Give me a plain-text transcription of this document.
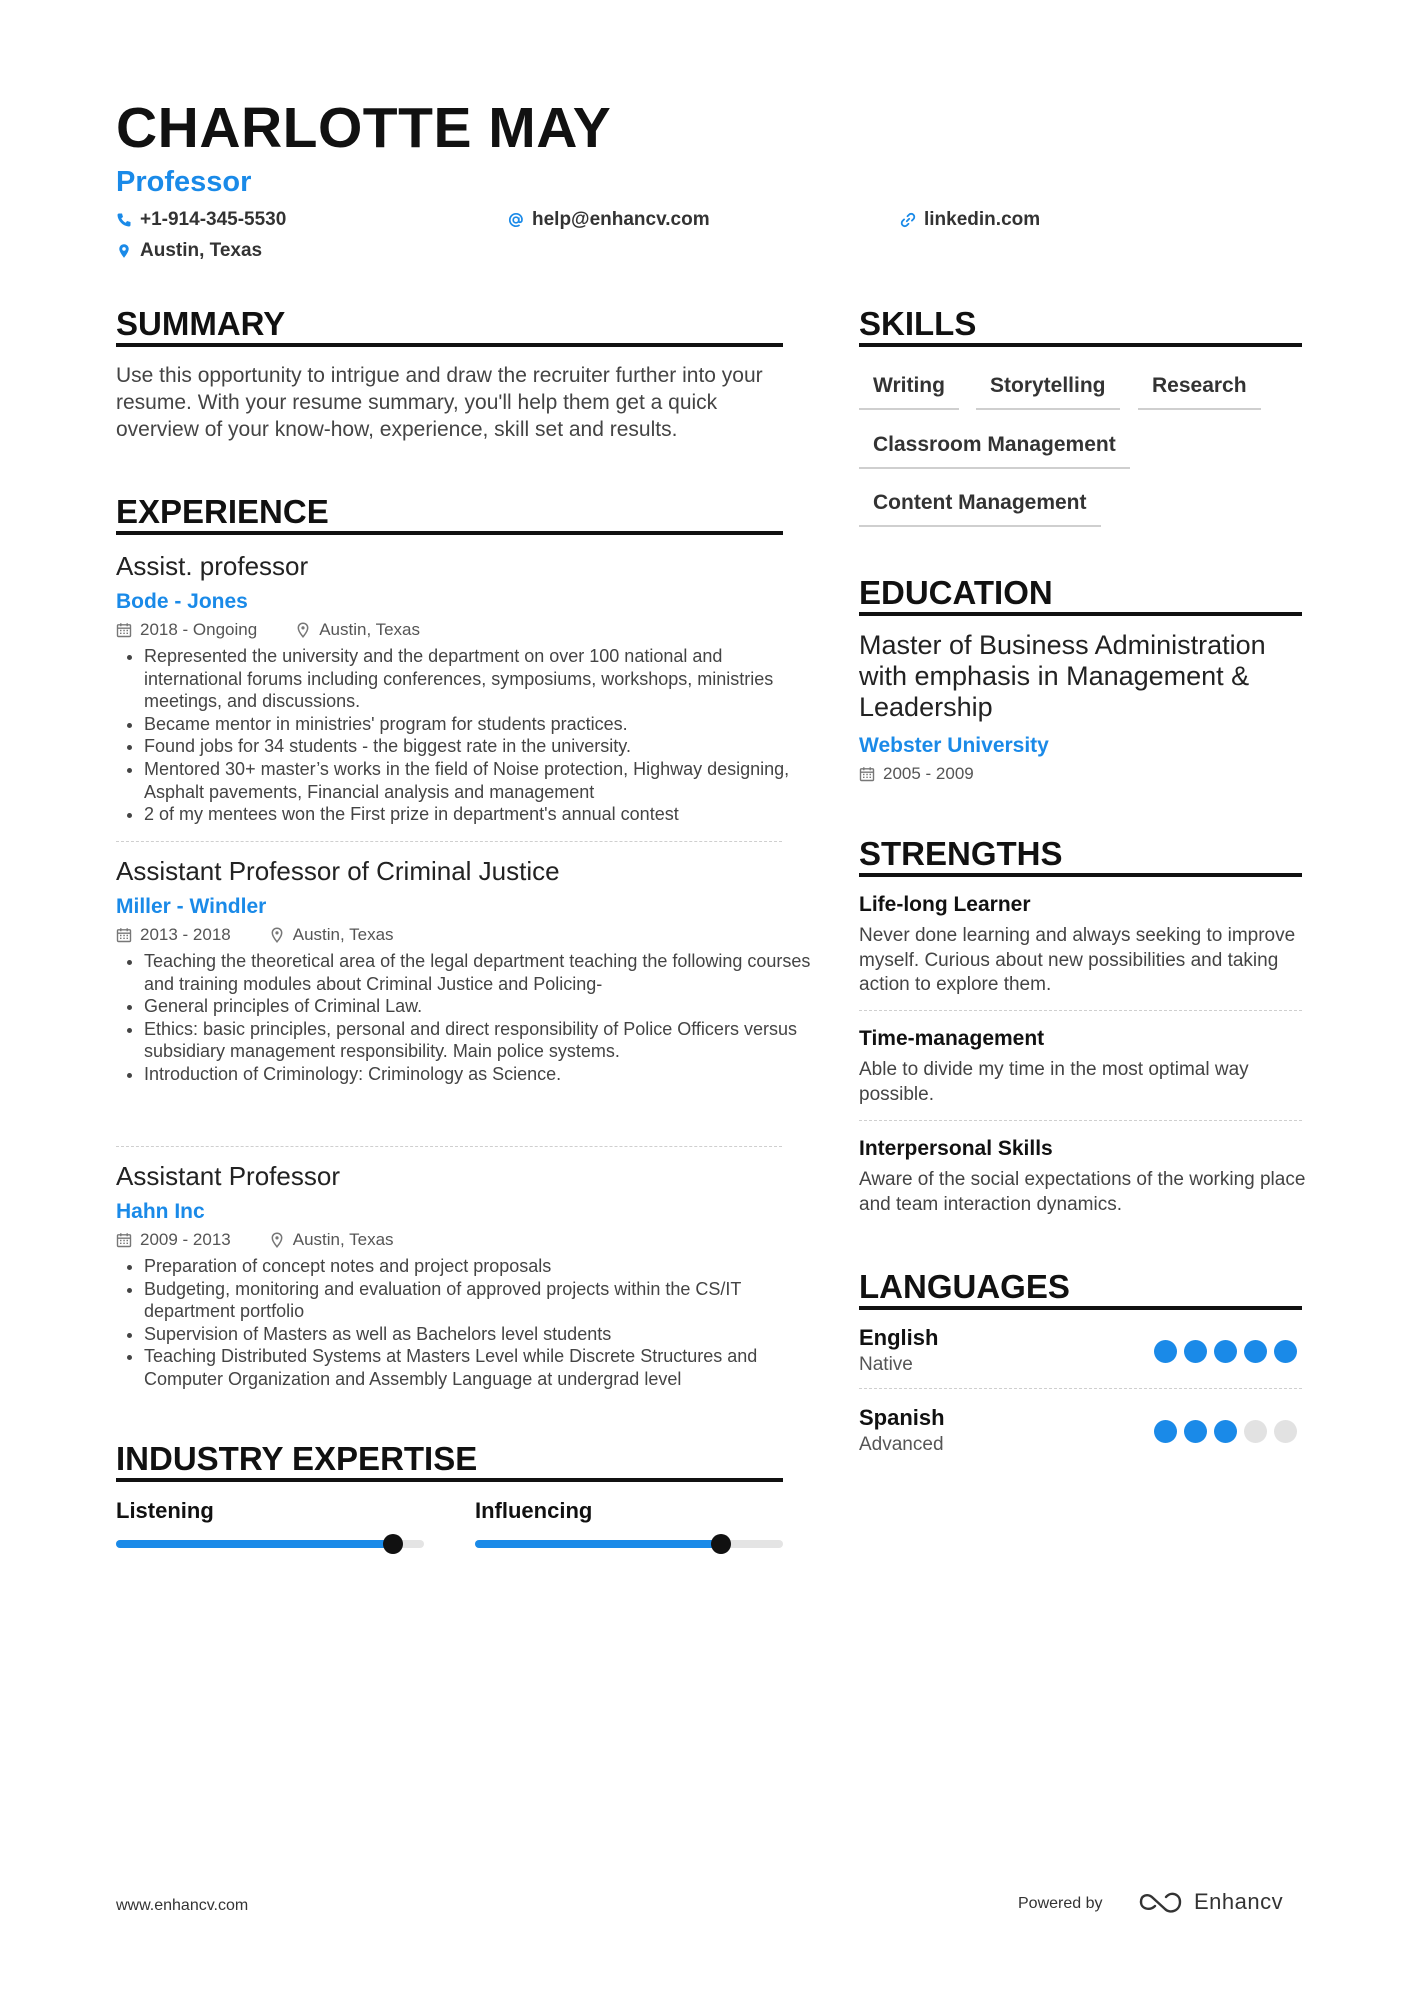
CHARLOTTE MAY
Professor
+1-914-345-5530	help@enhancv.com	linkedin.com
Austin, Texas
SUMMARY
Use this opportunity to intrigue and draw the recruiter further into your resume. With your resume summary, you'll help them get a quick overview of your know-how, experience, skill set and results.
EXPERIENCE
Assist. professor
Bode - Jones
2018 - Ongoing	Austin, Texas
• Represented the university and the department on over 100 national and international forums including conferences, symposiums, workshops, ministries meetings, and discussions.
• Became mentor in ministries' program for students practices.
• Found jobs for 34 students - the biggest rate in the university.
• Mentored 30+ master’s works in the field of Noise protection, Highway designing, Asphalt pavements, Financial analysis and management
• 2 of my mentees won the First prize in department's annual contest
Assistant Professor of Criminal Justice
Miller - Windler
2013 - 2018	Austin, Texas
• Teaching the theoretical area of the legal department teaching the following courses and training modules about Criminal Justice and Policing-
• General principles of Criminal Law.
• Ethics: basic principles, personal and direct responsibility of Police Officers versus subsidiary management responsibility. Main police systems.
• Introduction of Criminology: Criminology as Science.
Assistant Professor
Hahn Inc
2009 - 2013	Austin, Texas
• Preparation of concept notes and project proposals
• Budgeting, monitoring and evaluation of approved projects within the CS/IT department portfolio
• Supervision of Masters as well as Bachelors level students
• Teaching Distributed Systems at Masters Level while Discrete Structures and Computer Organization and Assembly Language at undergrad level
INDUSTRY EXPERTISE
Listening	Influencing
SKILLS
Writing	Storytelling	Research
Classroom Management
Content Management
EDUCATION
Master of Business Administration with emphasis in Management & Leadership
Webster University
2005 - 2009
STRENGTHS
Life-long Learner
Never done learning and always seeking to improve myself. Curious about new possibilities and taking action to explore them.
Time-management
Able to divide my time in the most optimal way possible.
Interpersonal Skills
Aware of the social expectations of the working place and team interaction dynamics.
LANGUAGES
English
Native
Spanish
Advanced
www.enhancv.com	Powered by	Enhancv
